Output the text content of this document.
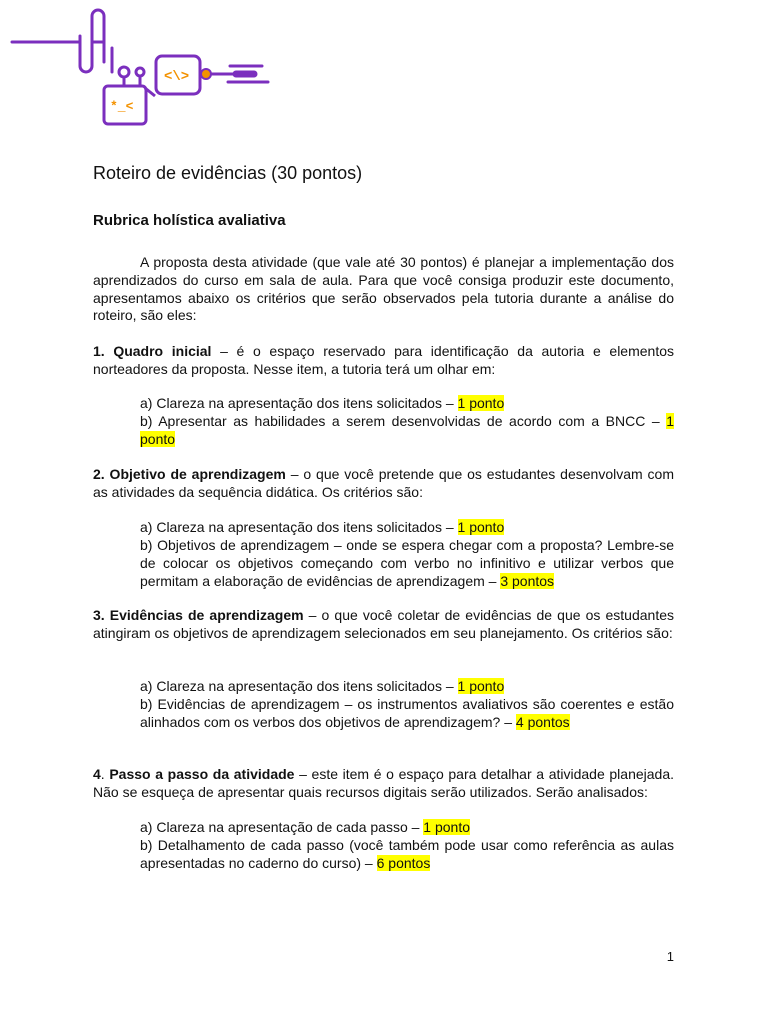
<\>
*_<
Roteiro de evidências (30 pontos)
Rubrica holística avaliativa

A proposta desta atividade (que vale até 30 pontos) é planejar a implementação dos aprendizados do curso em sala de aula. Para que você consiga produzir este documento, apresentamos abaixo os critérios que serão observados pela tutoria durante a análise do roteiro, são eles:

1. Quadro inicial – é o espaço reservado para identificação da autoria e elementos norteadores da proposta. Nesse item, a tutoria terá um olhar em:

a) Clareza na apresentação dos itens solicitados – 1 ponto

b) Apresentar as habilidades a serem desenvolvidas de acordo com a BNCC – 1 ponto

2. Objetivo de aprendizagem – o que você pretende que os estudantes desenvolvam com as atividades da sequência didática. Os critérios são:

a) Clareza na apresentação dos itens solicitados – 1 ponto

b) Objetivos de aprendizagem – onde se espera chegar com a proposta? Lembre-se de colocar os objetivos começando com verbo no infinitivo e utilizar verbos que permitam a elaboração de evidências de aprendizagem – 3 pontos

3. Evidências de aprendizagem – o que você coletar de evidências de que os estudantes atingiram os objetivos de aprendizagem selecionados em seu planejamento. Os critérios são:

a) Clareza na apresentação dos itens solicitados – 1 ponto

b) Evidências de aprendizagem – os instrumentos avaliativos são coerentes e estão alinhados com os verbos dos objetivos de aprendizagem? – 4 pontos

4. Passo a passo da atividade – este item é o espaço para detalhar a atividade planejada. Não se esqueça de apresentar quais recursos digitais serão utilizados. Serão analisados:

a) Clareza na apresentação de cada passo – 1 ponto

b) Detalhamento de cada passo (você também pode usar como referência as aulas apresentadas no caderno do curso) – 6 pontos

1
